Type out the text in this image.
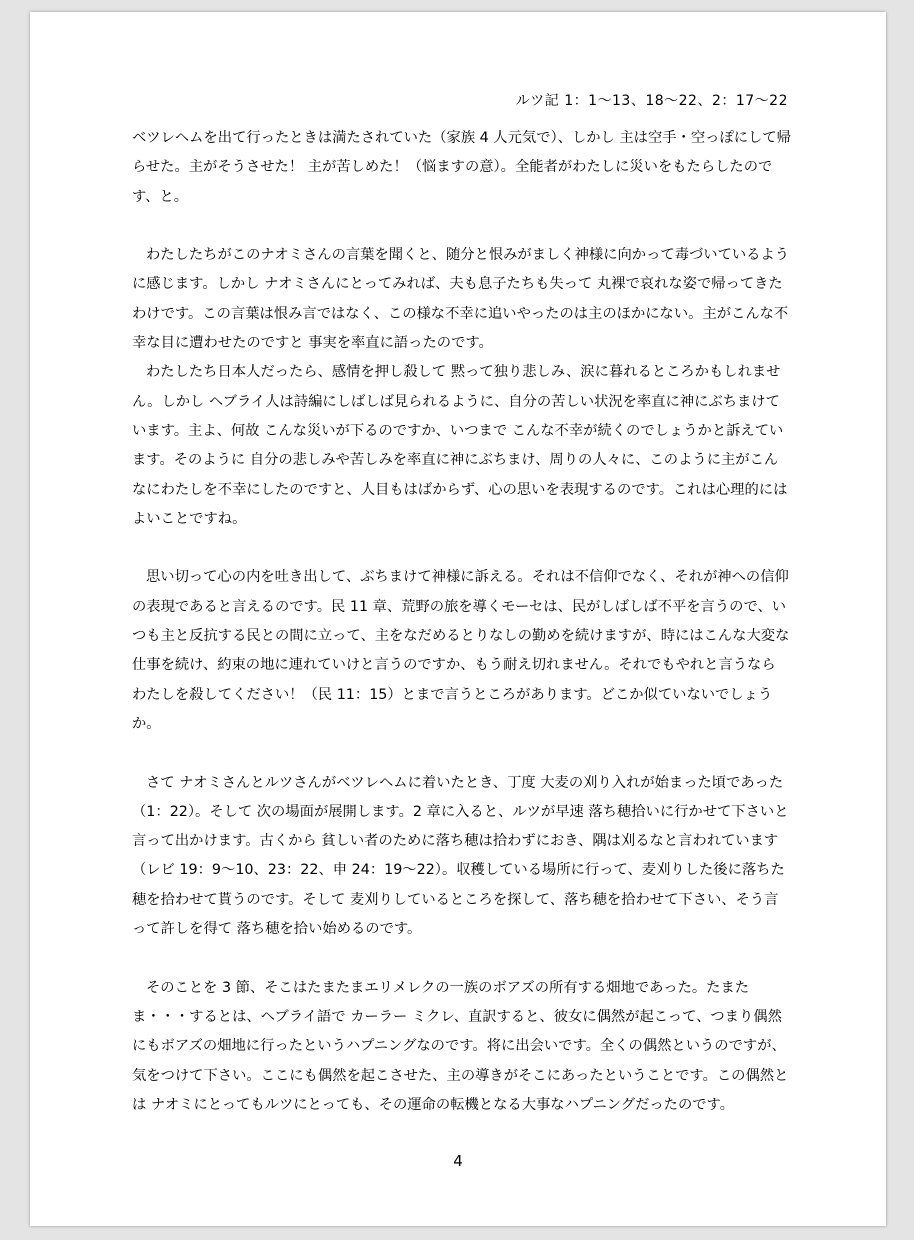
ルツ記 1：1〜13、18〜22、2：17〜22

ベツレヘムを出て行ったときは満たされていた（家族 4 人元気で）、しかし 主は空手・空っぽにして帰らせた。主がそうさせた！ 主が苦しめた！（悩ますの意）。全能者がわたしに災いをもたらしたのです、と。

わたしたちがこのナオミさんの言葉を聞くと、随分と恨みがましく神様に向かって毒づいているように感じます。しかし ナオミさんにとってみれば、夫も息子たちも失って 丸裸で哀れな姿で帰ってきたわけです。この言葉は恨み言ではなく、この様な不幸に追いやったのは主のほかにない。主がこんな不幸な目に遭わせたのですと 事実を率直に語ったのです。

わたしたち日本人だったら、感情を押し殺して 黙って独り悲しみ、涙に暮れるところかもしれません。しかし ヘブライ人は詩編にしばしば見られるように、自分の苦しい状況を率直に神にぶちまけています。主よ、何故 こんな災いが下るのですか、いつまで こんな不幸が続くのでしょうかと訴えています。そのように 自分の悲しみや苦しみを率直に神にぶちまけ、周りの人々に、このように主がこんなにわたしを不幸にしたのですと、人目もはばからず、心の思いを表現するのです。これは心理的にはよいことですね。

思い切って心の内を吐き出して、ぶちまけて神様に訴える。それは不信仰でなく、それが神への信仰の表現であると言えるのです。民 11 章、荒野の旅を導くモーセは、民がしばしば不平を言うので、いつも主と反抗する民との間に立って、主をなだめるとりなしの勤めを続けますが、時にはこんな大変な仕事を続け、約束の地に連れていけと言うのですか、もう耐え切れません。それでもやれと言うなら わたしを殺してください！（民 11：15）とまで言うところがあります。どこか似ていないでしょうか。

さて ナオミさんとルツさんがベツレヘムに着いたとき、丁度 大麦の刈り入れが始まった頃であった（1：22）。そして 次の場面が展開します。2 章に入ると、ルツが早速 落ち穂拾いに行かせて下さいと言って出かけます。古くから 貧しい者のために落ち穂は拾わずにおき、隅は刈るなと言われています（レビ 19：9〜10、23：22、申 24：19〜22）。収穫している場所に行って、麦刈りした後に落ちた穂を拾わせて貰うのです。そして 麦刈りしているところを探して、落ち穂を拾わせて下さい、そう言って許しを得て 落ち穂を拾い始めるのです。

そのことを 3 節、そこはたまたまエリメレクの一族のボアズの所有する畑地であった。たまたま・・・するとは、ヘブライ語で カーラー ミクレ、直訳すると、彼女に偶然が起こって、つまり偶然にもボアズの畑地に行ったというハプニングなのです。将に出会いです。全くの偶然というのですが、気をつけて下さい。ここにも偶然を起こさせた、主の導きがそこにあったということです。この偶然とは ナオミにとってもルツにとっても、その運命の転機となる大事なハプニングだったのです。

4
